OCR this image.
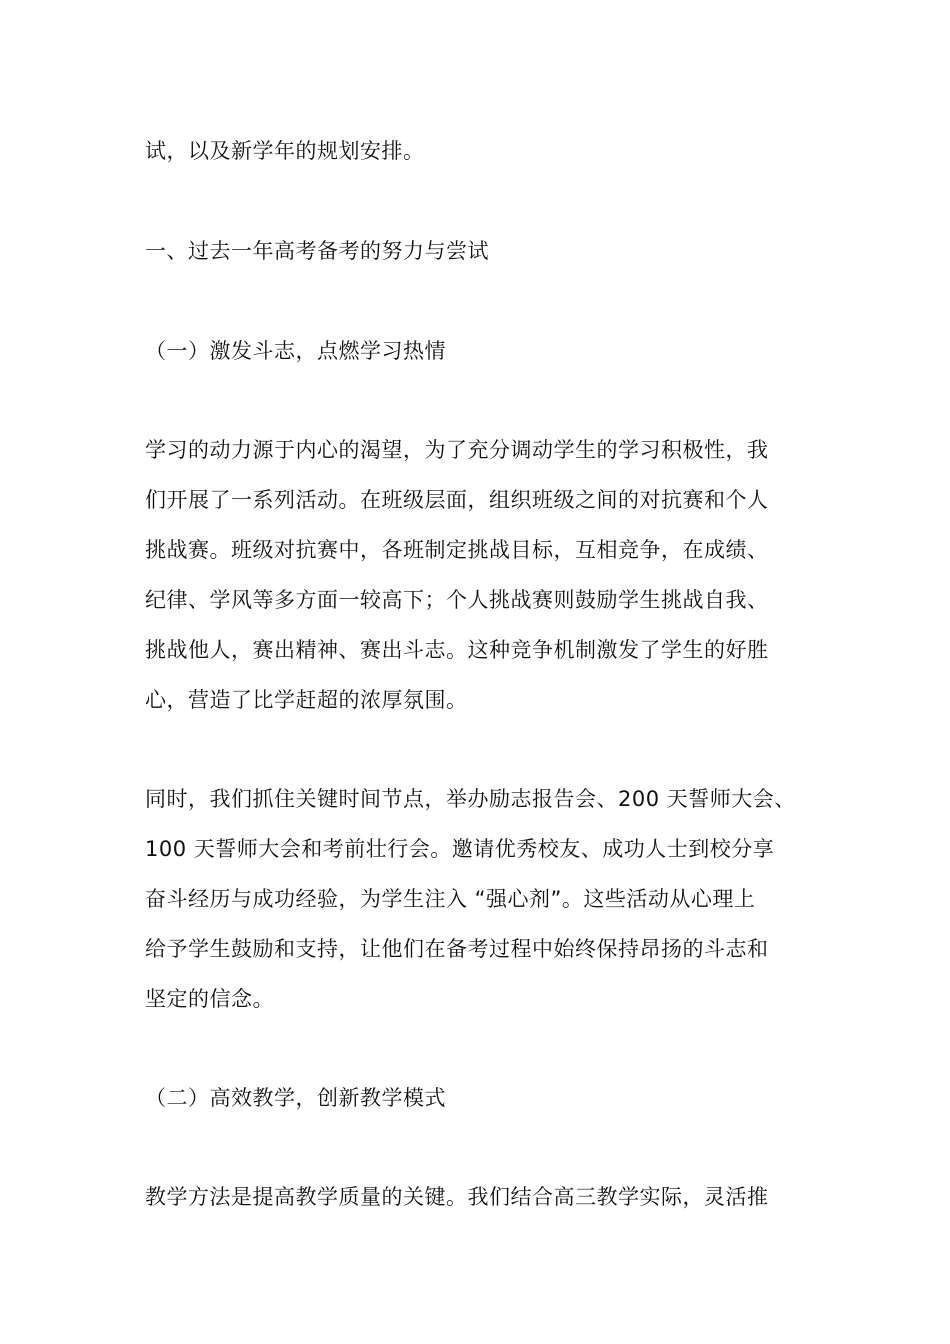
试，以及新学年的规划安排。
一、过去一年高考备考的努力与尝试
（一）激发斗志，点燃学习热情
学习的动力源于内心的渴望，为了充分调动学生的学习积极性，我
们开展了一系列活动。在班级层面，组织班级之间的对抗赛和个人
挑战赛。班级对抗赛中，各班制定挑战目标，互相竞争，在成绩、
纪律、学风等多方面一较高下；个人挑战赛则鼓励学生挑战自我、
挑战他人，赛出精神、赛出斗志。这种竞争机制激发了学生的好胜
心，营造了比学赶超的浓厚氛围。
同时，我们抓住关键时间节点，举办励志报告会、200 天誓师大会、
100 天誓师大会和考前壮行会。邀请优秀校友、成功人士到校分享
奋斗经历与成功经验，为学生注入 “强心剂”。这些活动从心理上
给予学生鼓励和支持，让他们在备考过程中始终保持昂扬的斗志和
坚定的信念。
（二）高效教学，创新教学模式
教学方法是提高教学质量的关键。我们结合高三教学实际，灵活推
